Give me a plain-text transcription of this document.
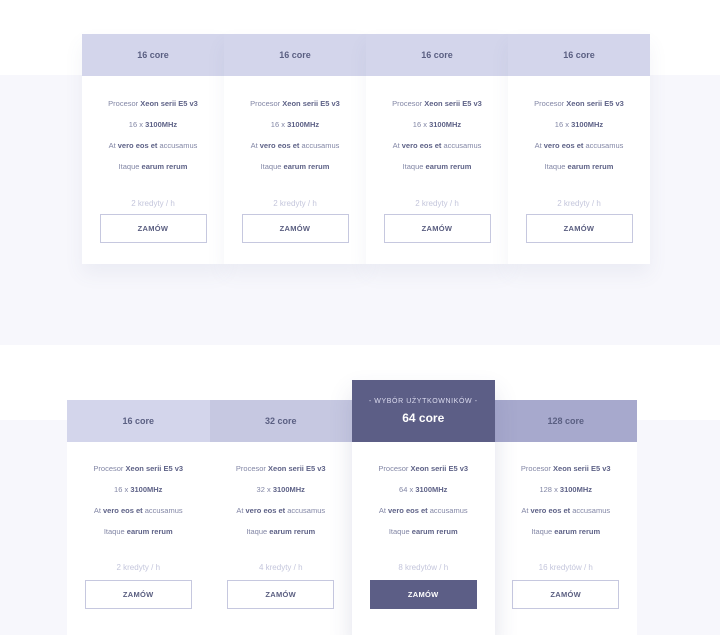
16 core
Procesor Xeon serii E5 v3
16 x 3100MHz
At vero eos et accusamus
Itaque earum rerum
2 kredyty / h
ZAMÓW
16 core
Procesor Xeon serii E5 v3
16 x 3100MHz
At vero eos et accusamus
Itaque earum rerum
2 kredyty / h
ZAMÓW
16 core
Procesor Xeon serii E5 v3
16 x 3100MHz
At vero eos et accusamus
Itaque earum rerum
2 kredyty / h
ZAMÓW
16 core
Procesor Xeon serii E5 v3
16 x 3100MHz
At vero eos et accusamus
Itaque earum rerum
2 kredyty / h
ZAMÓW
16 core
Procesor Xeon serii E5 v3
16 x 3100MHz
At vero eos et accusamus
Itaque earum rerum
2 kredyty / h
ZAMÓW
32 core
Procesor Xeon serii E5 v3
32 x 3100MHz
At vero eos et accusamus
Itaque earum rerum
4 kredyty / h
ZAMÓW
- WYBÓR UŻYTKOWNIKÓW -
64 core
Procesor Xeon serii E5 v3
64 x 3100MHz
At vero eos et accusamus
Itaque earum rerum
8 kredytów / h
ZAMÓW
128 core
Procesor Xeon serii E5 v3
128 x 3100MHz
At vero eos et accusamus
Itaque earum rerum
16 kredytów / h
ZAMÓW
